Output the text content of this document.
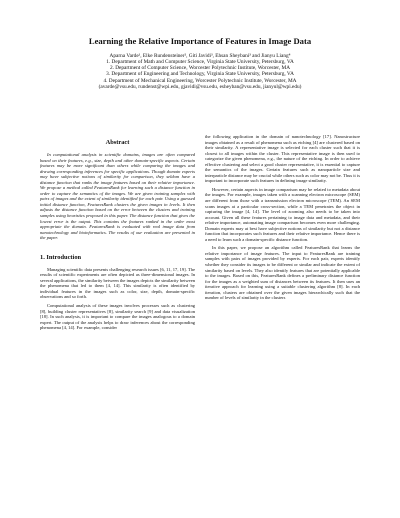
Learning the Relative Importance of Features in Image Data
Aparna Varde¹, Elke Rundensteiner², Giti Javidi³, Ehsan Sheybani³ and Jianyu Liang⁴
1. Department of Math and Computer Science, Virginia State University, Petersburg, VA
2. Department of Computer Science, Worcester Polytechnic Institute, Worcester, MA
3. Department of Engineering and Technology, Virginia State University, Petersburg, VA
4. Department of Mechanical Engineering, Worcester Polytechnic Institute, Worcester, MA
(avarde@vsu.edu, rundenst@wpi.edu, gjavidi@vsu.edu, esheyban@vsu.edu, jianyul@wpi.edu)
Abstract

In computational analysis in scientific domains, images are often compared based on their features, e.g., size, depth and other domain-specific aspects. Certain features may be more significant than others while comparing the images and drawing corresponding inferences for specific applications. Though domain experts may have subjective notions of similarity for comparison, they seldom have a distance function that ranks the image features based on their relative importance. We propose a method called FeaturesRank for learning such a distance function in order to capture the semantics of the images. We are given training samples with pairs of images and the extent of similarity identified for each pair. Using a guessed initial distance function, FeaturesRank clusters the given images in levels. It then adjusts the distance function based on the error between the clusters and training samples using heuristics proposed in this paper. The distance function that gives the lowest error is the output. This contains the features ranked in the order most appropriate the domain. FeaturesRank is evaluated with real image data from nanotechnology and bioinformatics. The results of our evaluation are presented in the paper.

1. Introduction

Managing scientific data presents challenging research issues [6, 11, 17, 19]. The results of scientific experiments are often depicted as three-dimensional images. In several applications, the similarity between the images depicts the similarity between the phenomena that led to them [4, 14]. This similarity is often identified by individual features in the images such as color, size, depth, domain-specific observations and so forth.

Computational analysis of these images involves processes such as clustering [8], building cluster representatives [8], similarity search [9] and data visualization [18]. In such analysis, it is important to compare the images analogous to a domain expert. The output of the analysis helps to draw inferences about the corresponding phenomena [4, 14]. For example, consider

the following application in the domain of nanotechnology [17]. Nanostructure images obtained as a result of phenomena such as etching [4] are clustered based on their similarity. A representative image is selected for each cluster such that it is closest to all images within the cluster. This representative image is then used to categorize the given phenomena, e.g., the nature of the etching. In order to achieve effective clustering and select a good cluster representative, it is essential to capture the semantics of the images. Certain features such as nanoparticle size and interparticle distance may be crucial while others such as color may not be. Thus it is important to incorporate such features in defining image similarity.

However, certain aspects in image comparison may be related to metadata about the images. For example, images taken with a scanning electron microscope (SEM) are different from those with a transmission electron microscope (TEM). An SEM scans images at a particular cross-section, while a TEM penetrates the object in capturing the image [4, 14]. The level of zooming also needs to be taken into account. Given all these features pertaining to image data and metadata, and their relative importance, automating image comparison becomes even more challenging. Domain experts may at best have subjective notions of similarity but not a distance function that incorporates such features and their relative importance. Hence there is a need to learn such a domain-specific distance function.

In this paper, we propose an algorithm called FeaturesRank that learns the relative importance of image features. The input to FeaturesRank are training samples with pairs of images provided by experts. For each pair, experts identify whether they consider its images to be different or similar and indicate the extent of similarity based on levels. They also identify features that are potentially applicable to the images. Based on this, FeaturesRank defines a preliminary distance function for the images as a weighted sum of distances between its features. It then uses an iterative approach for learning using a suitable clustering algorithm [8]. In each iteration, clusters are obtained over the given images hierarchically such that the number of levels of similarity in the clusters
